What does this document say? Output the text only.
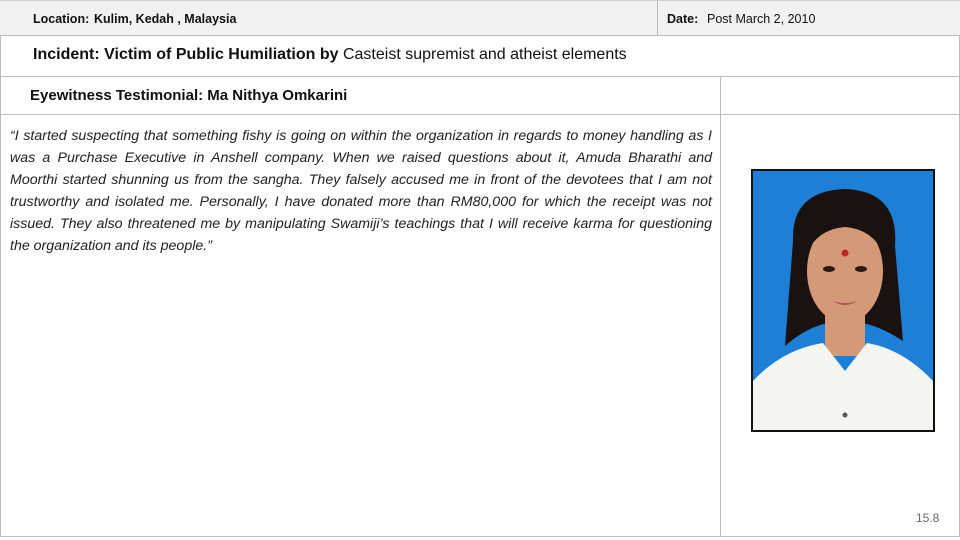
Location: Kulim, Kedah , Malaysia	Date: Post March 2, 2010
Incident: Victim of Public Humiliation by Casteist supremist and atheist elements
Eyewitness Testimonial: Ma Nithya Omkarini
“I started suspecting that something fishy is going on within the organization in regards to money handling as I was a Purchase Executive in Anshell company. When we raised questions about it, Amuda Bharathi and Moorthi started shunning us from the sangha. They falsely accused me in front of the devotees that I am not trustworthy and isolated me. Personally, I have donated more than RM80,000 for which the receipt was not issued. They also threatened me by manipulating Swamiji’s teachings that I will receive karma for questioning the organization and its people.”
15.8
